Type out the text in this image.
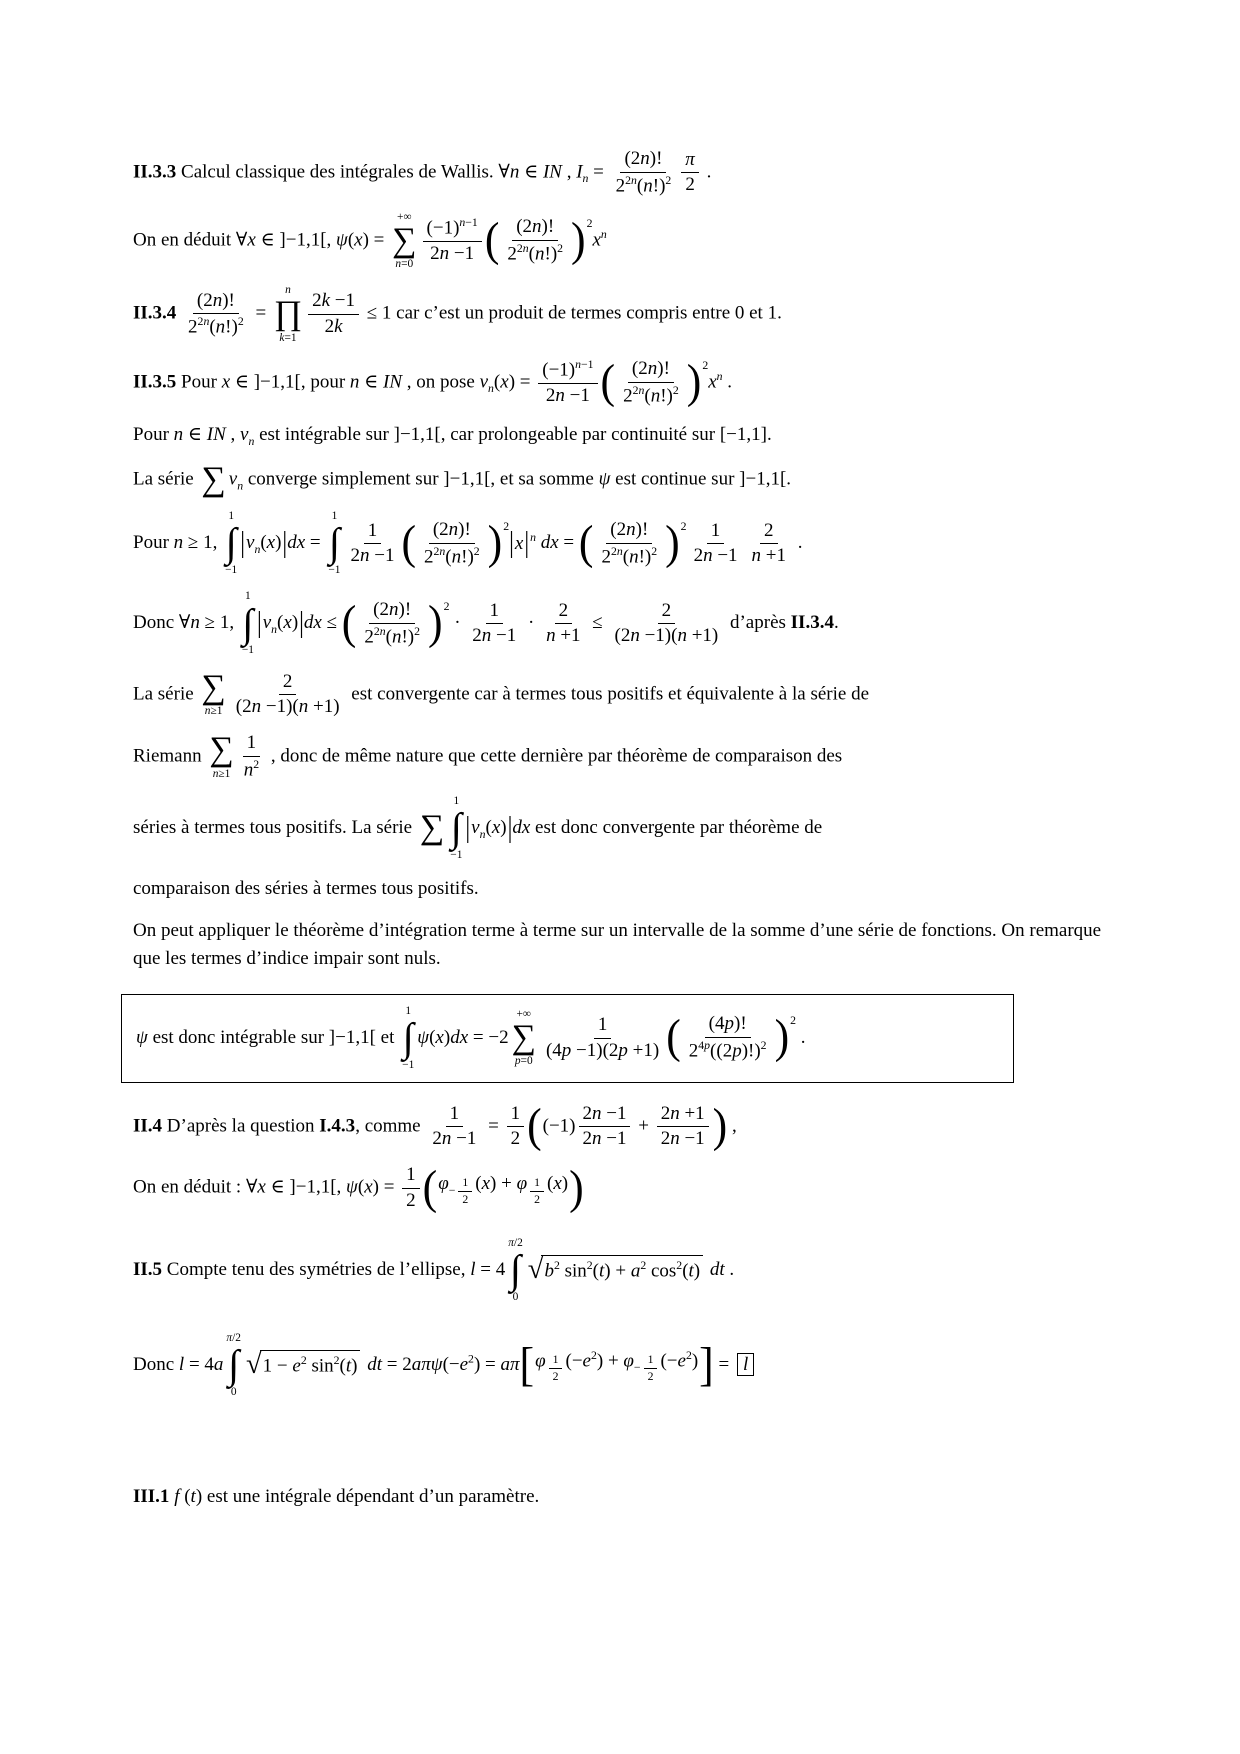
II.3.3 Calcul classique des intégrales de Wallis. ∀n ∈ IN , $I_n = \frac{(2n)!}{2^{2n}(n!)^2} \frac{\pi}{2}$ .
On en déduit ∀x ∈ ]−1,1[, ψ(x) =
+∞
∑
$n=0 \frac{(-1)^{n-1}}{2n -1}$ ( $\frac{(2n)!}{2^{2n}(n!)^2}$ ) 2
$x^n$
$II.3.4 \frac{(2n)!}{2^{2n}(n!)^2}$ =
n
∏
$k=1 \frac{2k -1}{2k} \le 1$ car c’est un produit de termes compris entre 0 et 1.
II.3.5 Pour x ∈ ]−1,1[, pour n ∈ IN , on pose $v_n(x) = \frac{(-1)^{n-1}}{2n -1}$ ( $\frac{(2n)!}{2^{2n}(n!)^2}$ ) 2
$x^n$ .
Pour n ∈ IN , $v_n$ est intégrable sur ]−1,1[, car prolongeable par continuité sur [−1,1].
La série ∑ $v_n$ converge simplement sur ]−1,1[, et sa somme ψ est continue sur ]−1,1[.
Pour n ≥ 1,
1
∫
−1
| $v_n(x)$ | dx =
1
∫
−1
$\frac{1}{2n -1}$ ( $\frac{(2n)!}{2^{2n}(n!)^2}$ ) 2
| x | n dx = ( $\frac{(2n)!}{2^{2n}(n!)^2}$ ) $2 \frac{1}{2n -1} \frac{2}{n +1}$ .
Donc ∀n ≥ 1,
1
∫
−1
| $v_n(x)$ | dx ≤ ( $\frac{(2n)!}{2^{2n}(n!)^2}$ ) 2
· $\frac{1}{2n -1} \cdot \frac{2}{n +1} \le \frac{2}{(2n -1)(n +1)}$ d’après II.3.4.
La série ∑
$n\ge 1 \frac{2}{(2n -1)(n +1)}$ est convergente car à termes tous positifs et équivalente à la série de
Riemann ∑
$n\ge 1 \frac{1}{n^2}$ , donc de même nature que cette dernière par théorème de comparaison des
séries à termes tous positifs. La série ∑
1
∫
−1
| $v_n(x)$ | dx est donc convergente par théorème de
comparaison des séries à termes tous positifs.
On peut appliquer le théorème d’intégration terme à terme sur un intervalle de la somme d’une série de fonctions. On remarque que les termes d’indice impair sont nuls.
ψ est donc intégrable sur ]−1,1[ et
1
∫
−1
ψ(x)dx = −2
+∞
∑
$p=0 \frac{1}{(4p -1)(2p +1)}$ ( $\frac{(4p)!}{2^{4p}((2p)!)^2}$ ) 2
.
II.4 D’après la question I.4.3, comme $\frac{1}{2n -1} = \frac{1}{2}$ ( $(-1) \frac{2n -1}{2n -1} + \frac{2n +1}{2n -1}$ ) ,
On en déduit : ∀x ∈ ]−1,1[, $\psi(x) = \frac{1}{2}$ ( $\varphi_{- \frac{1}{2}}$ (x) + φ $_{\frac{1}{2}}$ (x) )
II.5 Compte tenu des symétries de l’ellipse, l = 4
π/2
∫
0
√ $b^2$ $\sin^2(t) + a^2$ $\cos^2(t)$ dt .
Donc l = 4a
π/2
∫
0
√ $1 - e^2$ $\sin^2(t)$ dt = $2a\pi\psi(-e^2) = a\pi$ [ φ $_{\frac{1}{2}}$ $(-e^2) + \varphi_{- \frac{1}{2}}$ $(-e^2)$ ] = l
III.1 f (t) est une intégrale dépendant d’un paramètre.
